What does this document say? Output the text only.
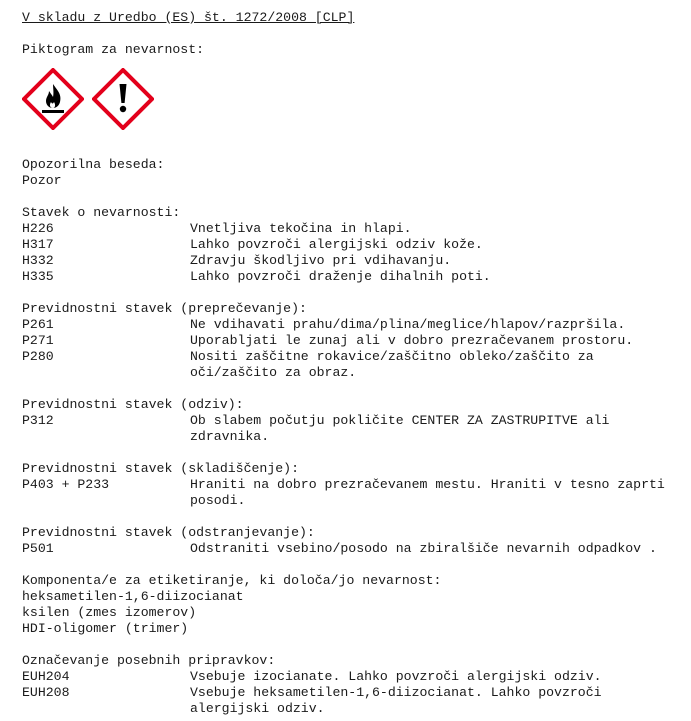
V skladu z Uredbo (ES) št. 1272/2008 [CLP]
Piktogram za nevarnost:
Opozorilna beseda:
Pozor
Stavek o nevarnosti:
H226	Vnetljiva tekočina in hlapi.
H317	Lahko povzroči alergijski odziv kože.
H332	Zdravju škodljivo pri vdihavanju.
H335	Lahko povzroči draženje dihalnih poti.
Previdnostni stavek (preprečevanje):
P261	Ne vdihavati prahu/dima/plina/meglice/hlapov/razpršila.
P271	Uporabljati le zunaj ali v dobro prezračevanem prostoru.
P280	Nositi zaščitne rokavice/zaščitno obleko/zaščito za
oči/zaščito za obraz.
Previdnostni stavek (odziv):
P312	Ob slabem počutju pokličite CENTER ZA ZASTRUPITVE ali
zdravnika.
Previdnostni stavek (skladiščenje):
P403 + P233	Hraniti na dobro prezračevanem mestu. Hraniti v tesno zaprti
posodi.
Previdnostni stavek (odstranjevanje):
P501	Odstraniti vsebino/posodo na zbiralšiče nevarnih odpadkov .
Komponenta/e za etiketiranje, ki določa/jo nevarnost:
heksametilen-1,6-diizocianat
ksilen (zmes izomerov)
HDI-oligomer (trimer)
Označevanje posebnih pripravkov:
EUH204	Vsebuje izocianate. Lahko povzroči alergijski odziv.
EUH208	Vsebuje heksametilen-1,6-diizocianat. Lahko povzroči
alergijski odziv.
